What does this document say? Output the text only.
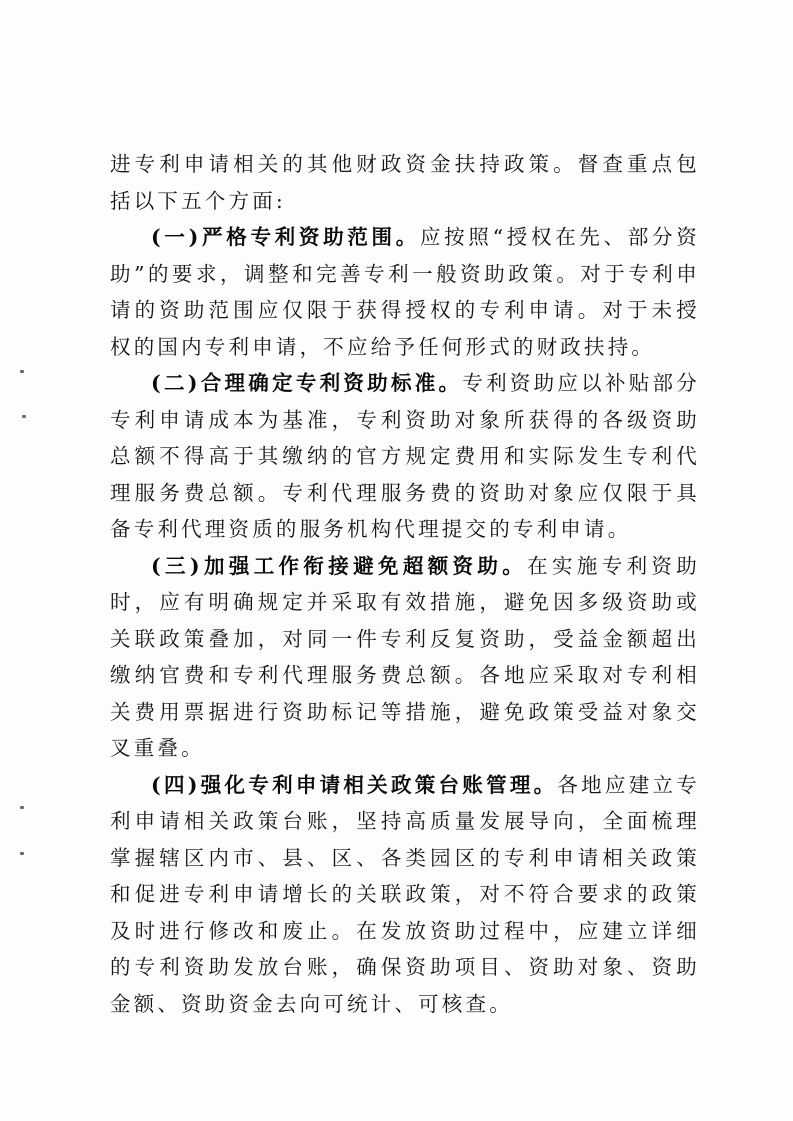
进专利申请相关的其他财政资金扶持政策。督查重点包括以下五个方面:

(一)严格专利资助范围。应按照“授权在先、部分资助”的要求，调整和完善专利一般资助政策。对于专利申请的资助范围应仅限于获得授权的专利申请。对于未授权的国内专利申请，不应给予任何形式的财政扶持。

(二)合理确定专利资助标准。专利资助应以补贴部分专利申请成本为基准，专利资助对象所获得的各级资助总额不得高于其缴纳的官方规定费用和实际发生专利代理服务费总额。专利代理服务费的资助对象应仅限于具备专利代理资质的服务机构代理提交的专利申请。

(三)加强工作衔接避免超额资助。在实施专利资助时，应有明确规定并采取有效措施，避免因多级资助或关联政策叠加，对同一件专利反复资助，受益金额超出缴纳官费和专利代理服务费总额。各地应采取对专利相关费用票据进行资助标记等措施，避免政策受益对象交叉重叠。

(四)强化专利申请相关政策台账管理。各地应建立专利申请相关政策台账，坚持高质量发展导向，全面梳理掌握辖区内市、县、区、各类园区的专利申请相关政策和促进专利申请增长的关联政策，对不符合要求的政策及时进行修改和废止。在发放资助过程中，应建立详细的专利资助发放台账，确保资助项目、资助对象、资助金额、资助资金去向可统计、可核查。
